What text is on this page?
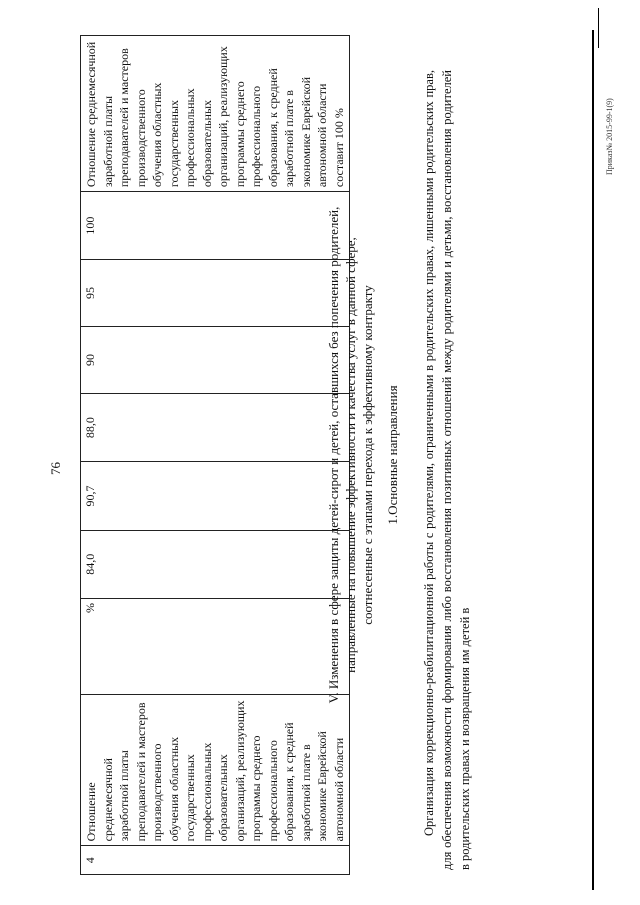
76
4	Отношение среднемесячной заработной платы преподавателей и мастеров производственного обучения областных государственных профессиональных образовательных организаций, реализующих программы среднего профессионального образования, к средней заработной плате в экономике Еврейской автономной области	%	84,0	90,7	88,0	90	95	100	Отношение среднемесячной заработной платы преподавателей и мастеров производственного обучения областных государственных профессиональных образовательных организаций, реализующих программы среднего профессионального образования, к средней заработной плате в экономике Еврейской автономной области составит 100 %
V. Изменения в сфере защиты детей-сирот и детей, оставшихся без попечения родителей, направленные на повышение эффективности и качества услуг в данной сфере, соотнесенные с этапами перехода к эффективному контракту 1.Основные направления Организация коррекционно-реабилитационной работы с родителями, ограниченными в родительских правах, лишенными родительских прав, для обеспечения возможности формирования либо восстановления позитивных отношений между родителями и детьми, восстановления родителей в родительских правах и возвращения им детей в
Приказ№ 2015-99-1(9)
